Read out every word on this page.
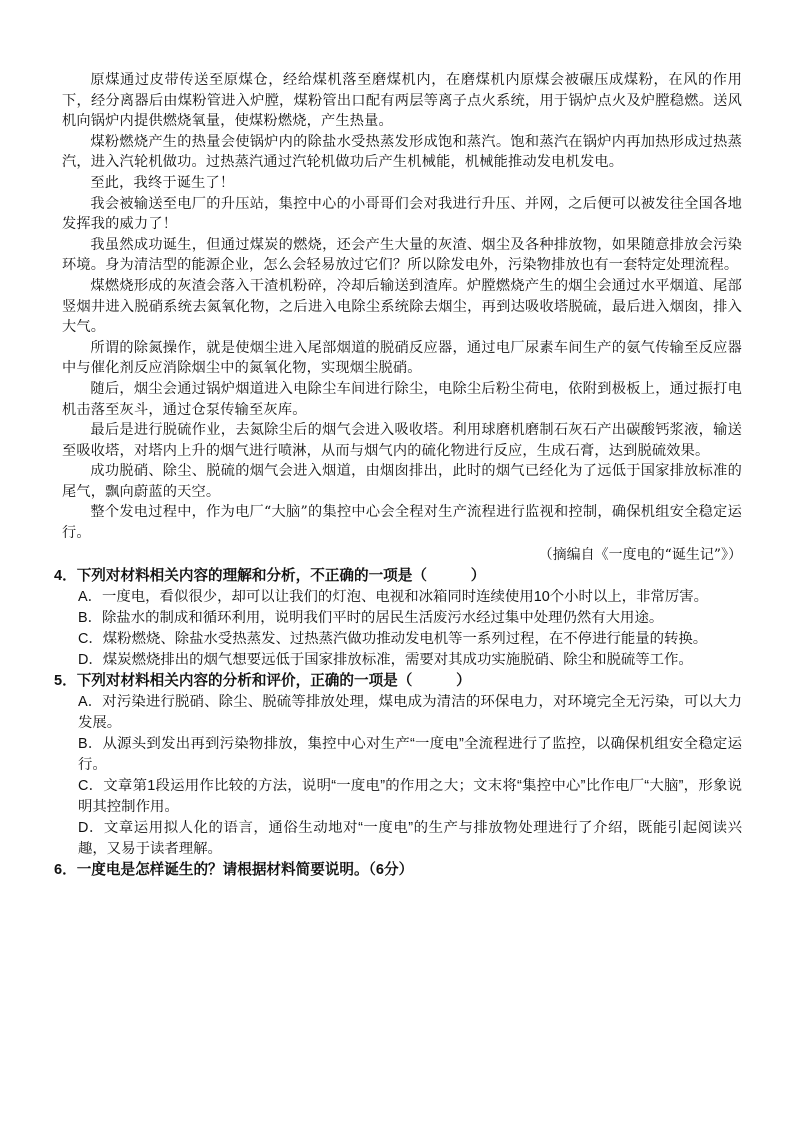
原煤通过皮带传送至原煤仓，经给煤机落至磨煤机内，在磨煤机内原煤会被碾压成煤粉，在风的作用下，经分离器后由煤粉管进入炉膛，煤粉管出口配有两层等离子点火系统，用于锅炉点火及炉膛稳燃。送风机向锅炉内提供燃烧氧量，使煤粉燃烧，产生热量。

煤粉燃烧产生的热量会使锅炉内的除盐水受热蒸发形成饱和蒸汽。饱和蒸汽在锅炉内再加热形成过热蒸汽，进入汽轮机做功。过热蒸汽通过汽轮机做功后产生机械能，机械能推动发电机发电。

至此，我终于诞生了！

我会被输送至电厂的升压站，集控中心的小哥哥们会对我进行升压、并网，之后便可以被发往全国各地发挥我的威力了！

我虽然成功诞生，但通过煤炭的燃烧，还会产生大量的灰渣、烟尘及各种排放物，如果随意排放会污染环境。身为清洁型的能源企业，怎么会轻易放过它们？所以除发电外，污染物排放也有一套特定处理流程。

煤燃烧形成的灰渣会落入干渣机粉碎，冷却后输送到渣库。炉膛燃烧产生的烟尘会通过水平烟道、尾部竖烟井进入脱硝系统去氮氧化物，之后进入电除尘系统除去烟尘，再到达吸收塔脱硫，最后进入烟囱，排入大气。

所谓的除氮操作，就是使烟尘进入尾部烟道的脱硝反应器，通过电厂尿素车间生产的氨气传输至反应器中与催化剂反应消除烟尘中的氮氧化物，实现烟尘脱硝。

随后，烟尘会通过锅炉烟道进入电除尘车间进行除尘，电除尘后粉尘荷电，依附到极板上，通过振打电机击落至灰斗，通过仓泵传输至灰库。

最后是进行脱硫作业，去氮除尘后的烟气会进入吸收塔。利用球磨机磨制石灰石产出碳酸钙浆液，输送至吸收塔，对塔内上升的烟气进行喷淋，从而与烟气内的硫化物进行反应，生成石膏，达到脱硫效果。

成功脱硝、除尘、脱硫的烟气会进入烟道，由烟囱排出，此时的烟气已经化为了远低于国家排放标准的尾气，飘向蔚蓝的天空。

整个发电过程中，作为电厂“大脑”的集控中心会全程对生产流程进行监视和控制，确保机组安全稳定运行。

（摘编自《一度电的“诞生记”》）

4．下列对材料相关内容的理解和分析，不正确的一项是（　　　）

A．一度电，看似很少，却可以让我们的灯泡、电视和冰箱同时连续使用10个小时以上，非常厉害。

B．除盐水的制成和循环利用，说明我们平时的居民生活废污水经过集中处理仍然有大用途。

C．煤粉燃烧、除盐水受热蒸发、过热蒸汽做功推动发电机等一系列过程，在不停进行能量的转换。

D．煤炭燃烧排出的烟气想要远低于国家排放标准，需要对其成功实施脱硝、除尘和脱硫等工作。

5．下列对材料相关内容的分析和评价，正确的一项是（　　　）

A．对污染进行脱硝、除尘、脱硫等排放处理，煤电成为清洁的环保电力，对环境完全无污染，可以大力发展。

B．从源头到发出再到污染物排放，集控中心对生产“一度电”全流程进行了监控，以确保机组安全稳定运行。

C．文章第1段运用作比较的方法，说明“一度电”的作用之大；文末将“集控中心”比作电厂“大脑”，形象说明其控制作用。

D．文章运用拟人化的语言，通俗生动地对“一度电”的生产与排放物处理进行了介绍，既能引起阅读兴趣，又易于读者理解。

6．一度电是怎样诞生的？请根据材料简要说明。（6分）
